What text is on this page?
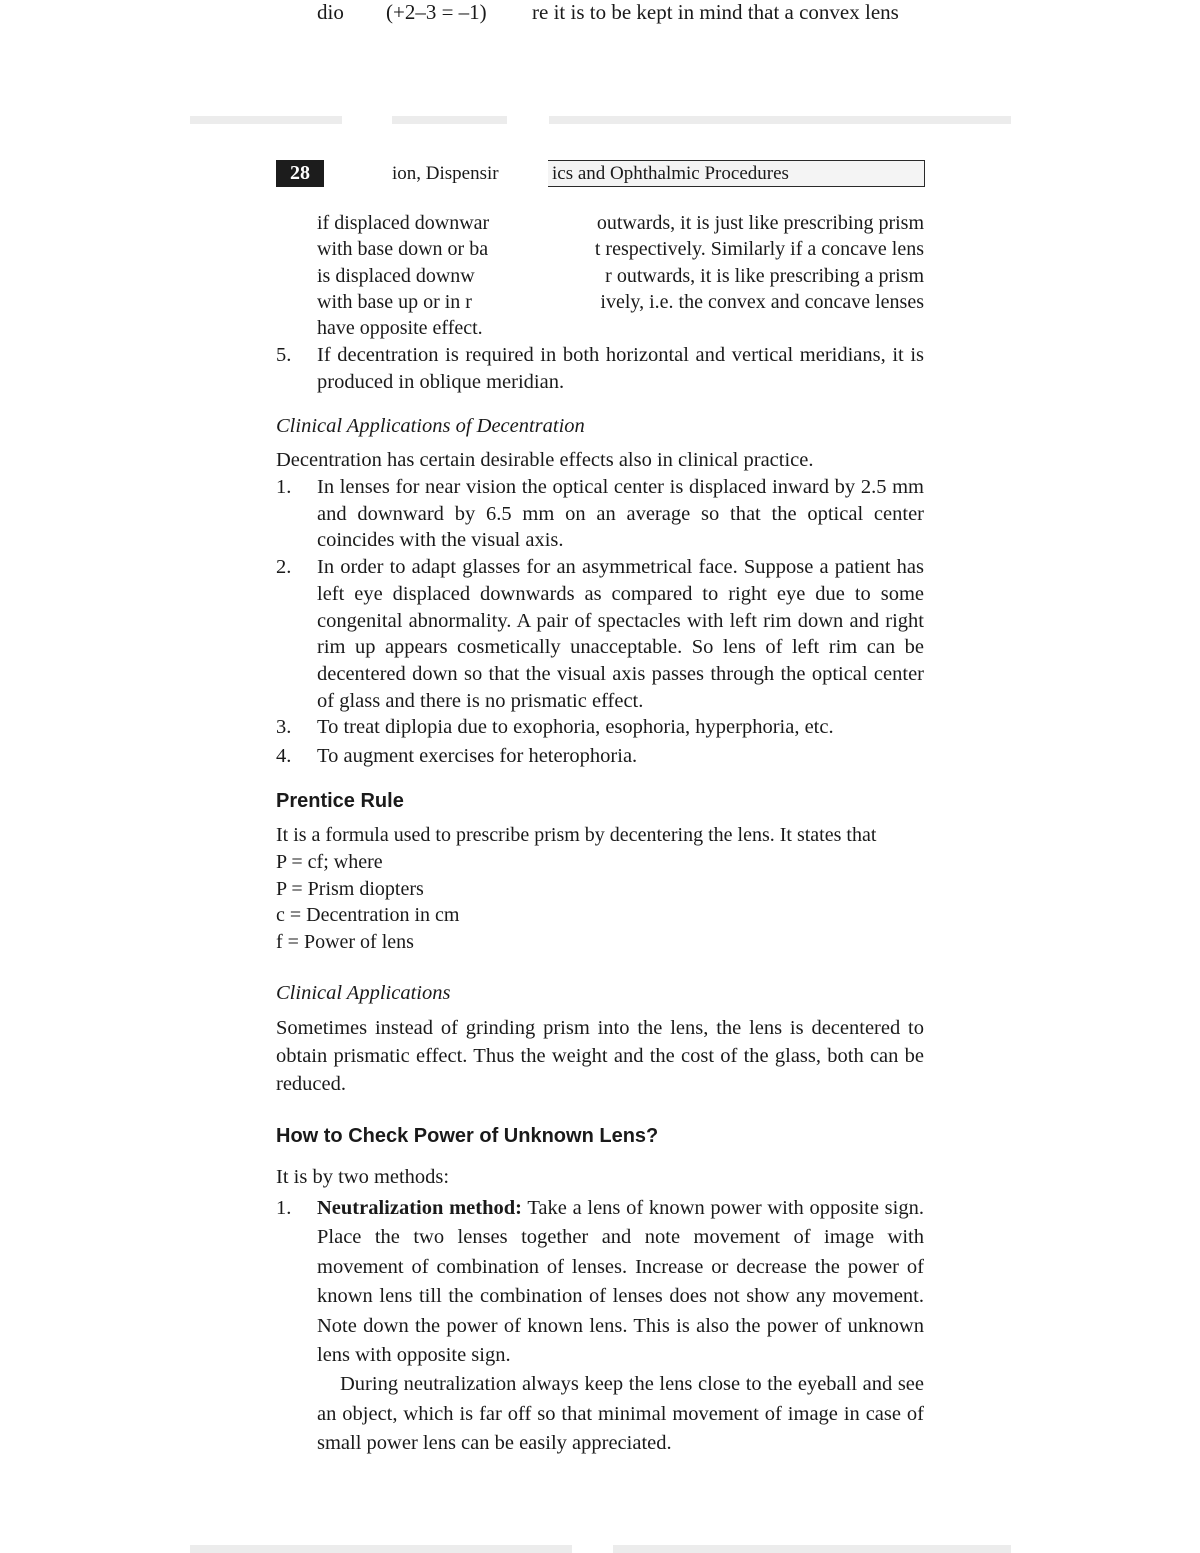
dio (+2–3 = –1) re it is to be kept in mind that a convex lens
28	ion, Dispensir	ics and Ophthalmic Procedures
if displaced downwar
with base down or ba
is displaced downw
with base up or in r
have opposite effect.
outwards, it is just like prescribing prism
t respectively. Similarly if a concave lens
r outwards, it is like prescribing a prism
ively, i.e. the convex and concave lenses
5. If decentration is required in both horizontal and vertical meridians, it is produced in oblique meridian.
Clinical Applications of Decentration
Decentration has certain desirable effects also in clinical practice.
1. In lenses for near vision the optical center is displaced inward by 2.5 mm and downward by 6.5 mm on an average so that the optical center coincides with the visual axis.
2. In order to adapt glasses for an asymmetrical face. Suppose a patient has left eye displaced downwards as compared to right eye due to some congenital abnormality. A pair of spectacles with left rim down and right rim up appears cosmetically unacceptable. So lens of left rim can be decentered down so that the visual axis passes through the optical center of glass and there is no prismatic effect.
3. To treat diplopia due to exophoria, esophoria, hyperphoria, etc.
4. To augment exercises for heterophoria.
Prentice Rule
It is a formula used to prescribe prism by decentering the lens. It states that
P = cf; where
P = Prism diopters
c = Decentration in cm
f = Power of lens
Clinical Applications
Sometimes instead of grinding prism into the lens, the lens is decentered to obtain prismatic effect. Thus the weight and the cost of the glass, both can be reduced.
How to Check Power of Unknown Lens?
It is by two methods:
1. Neutralization method: Take a lens of known power with opposite sign. Place the two lenses together and note movement of image with movement of combination of lenses. Increase or decrease the power of known lens till the combination of lenses does not show any movement. Note down the power of known lens. This is also the power of unknown lens with opposite sign.
During neutralization always keep the lens close to the eyeball and see an object, which is far off so that minimal movement of image in case of small power lens can be easily appreciated.
